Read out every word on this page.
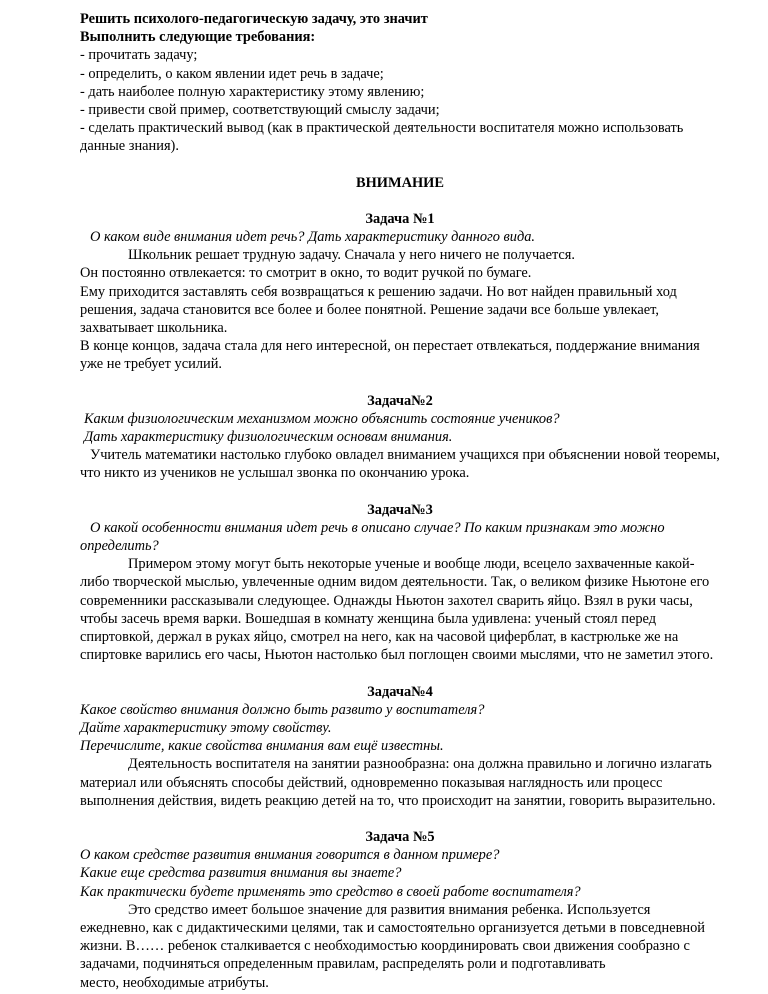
Решить психолого-педагогическую задачу, это значит

Выполнить следующие требования:

- прочитать задачу;

- определить, о каком явлении идет речь в задаче;

- дать наиболее полную характеристику этому явлению;

- привести свой пример, соответствующий смыслу задачи;

- сделать практический вывод (как в практической деятельности воспитателя можно использовать данные знания).

ВНИМАНИЕ

Задача №1

О каком виде внимания идет речь? Дать характеристику данного вида.

Школьник решает трудную задачу. Сначала у него ничего не получается.

Он постоянно отвлекается: то смотрит в окно, то водит ручкой по бумаге.

Ему приходится заставлять себя возвращаться к решению задачи. Но вот найден правильный ход решения, задача становится все более и более понятной. Решение задачи все больше увлекает, захватывает школьника.

В конце концов, задача стала для него интересной, он перестает отвлекаться, поддержание внимания уже не требует усилий.

Задача№2

Каким физиологическим механизмом можно объяснить состояние учеников?

Дать характеристику физиологическим основам внимания.

Учитель математики настолько глубоко овладел вниманием учащихся при объяснении новой теоремы, что никто из учеников не услышал звонка по окончанию урока.

Задача№3

О какой особенности внимания идет речь в описано случае? По каким признакам это можно определить?

Примером этому могут быть некоторые ученые и вообще люди, всецело захваченные какой-либо творческой мыслью, увлеченные одним видом деятельности. Так, о великом физике Ньютоне его современники рассказывали следующее. Однажды Ньютон захотел сварить яйцо. Взял в руки часы, чтобы засечь время варки. Вошедшая в комнату женщина была удивлена: ученый стоял перед спиртовкой, держал в руках яйцо, смотрел на него, как на часовой циферблат, в кастрюльке же на спиртовке варились его часы, Ньютон настолько был поглощен своими мыслями, что не заметил этого.

Задача№4

Какое свойство внимания должно быть развито у воспитателя?

Дайте характеристику этому свойству.

Перечислите, какие свойства внимания вам ещё известны.

Деятельность воспитателя на занятии разнообразна: она должна правильно и логично излагать материал или объяснять способы действий, одновременно показывая наглядность или процесс выполнения действия, видеть реакцию детей на то, что происходит на занятии, говорить выразительно.

Задача №5

О каком средстве развития внимания говорится в данном примере?

Какие еще средства развития внимания вы знаете?

Как практически будете применять это средство в своей работе воспитателя?

Это средство имеет большое значение для развития внимания ребенка. Используется ежедневно, как с дидактическими целями, так и самостоятельно организуется детьми в повседневной жизни. В…… ребенок сталкивается с необходимостью координировать свои движения сообразно с задачами, подчиняться определенным правилам, распределять роли и подготавливать

место, необходимые атрибуты.
